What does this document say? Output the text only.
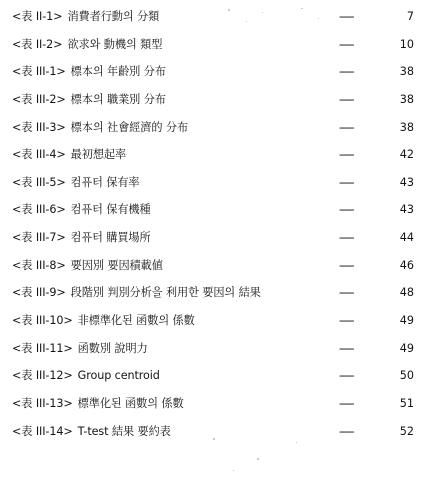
<表 II-1> 消費者行動의 分類	-----	7
<表 II-2> 欲求와 動機의 類型	-----	10
<表 III-1> 標本의 年齡別 分布	-----	38
<表 III-2> 標本의 職業別 分布	-----	38
<表 III-3> 標本의 社會經濟的 分布	-----	38
<表 III-4> 最初想起率	-----	42
<表 III-5> 컴퓨터 保有率	-----	43
<表 III-6> 컴퓨터 保有機種	-----	43
<表 III-7> 컴퓨터 購買場所	-----	44
<表 III-8> 要因別 要因積載値	-----	46
<表 III-9> 段階別 判別分析을 利用한 要因의 結果	-----	48
<表 III-10> 非標準化된 函數의 係數	-----	49
<表 III-11> 函數別 說明力	-----	49
<表 III-12> Group centroid	-----	50
<表 III-13> 標準化된 函數의 係數	-----	51
<表 III-14> T-test 結果 要約表	-----	52
